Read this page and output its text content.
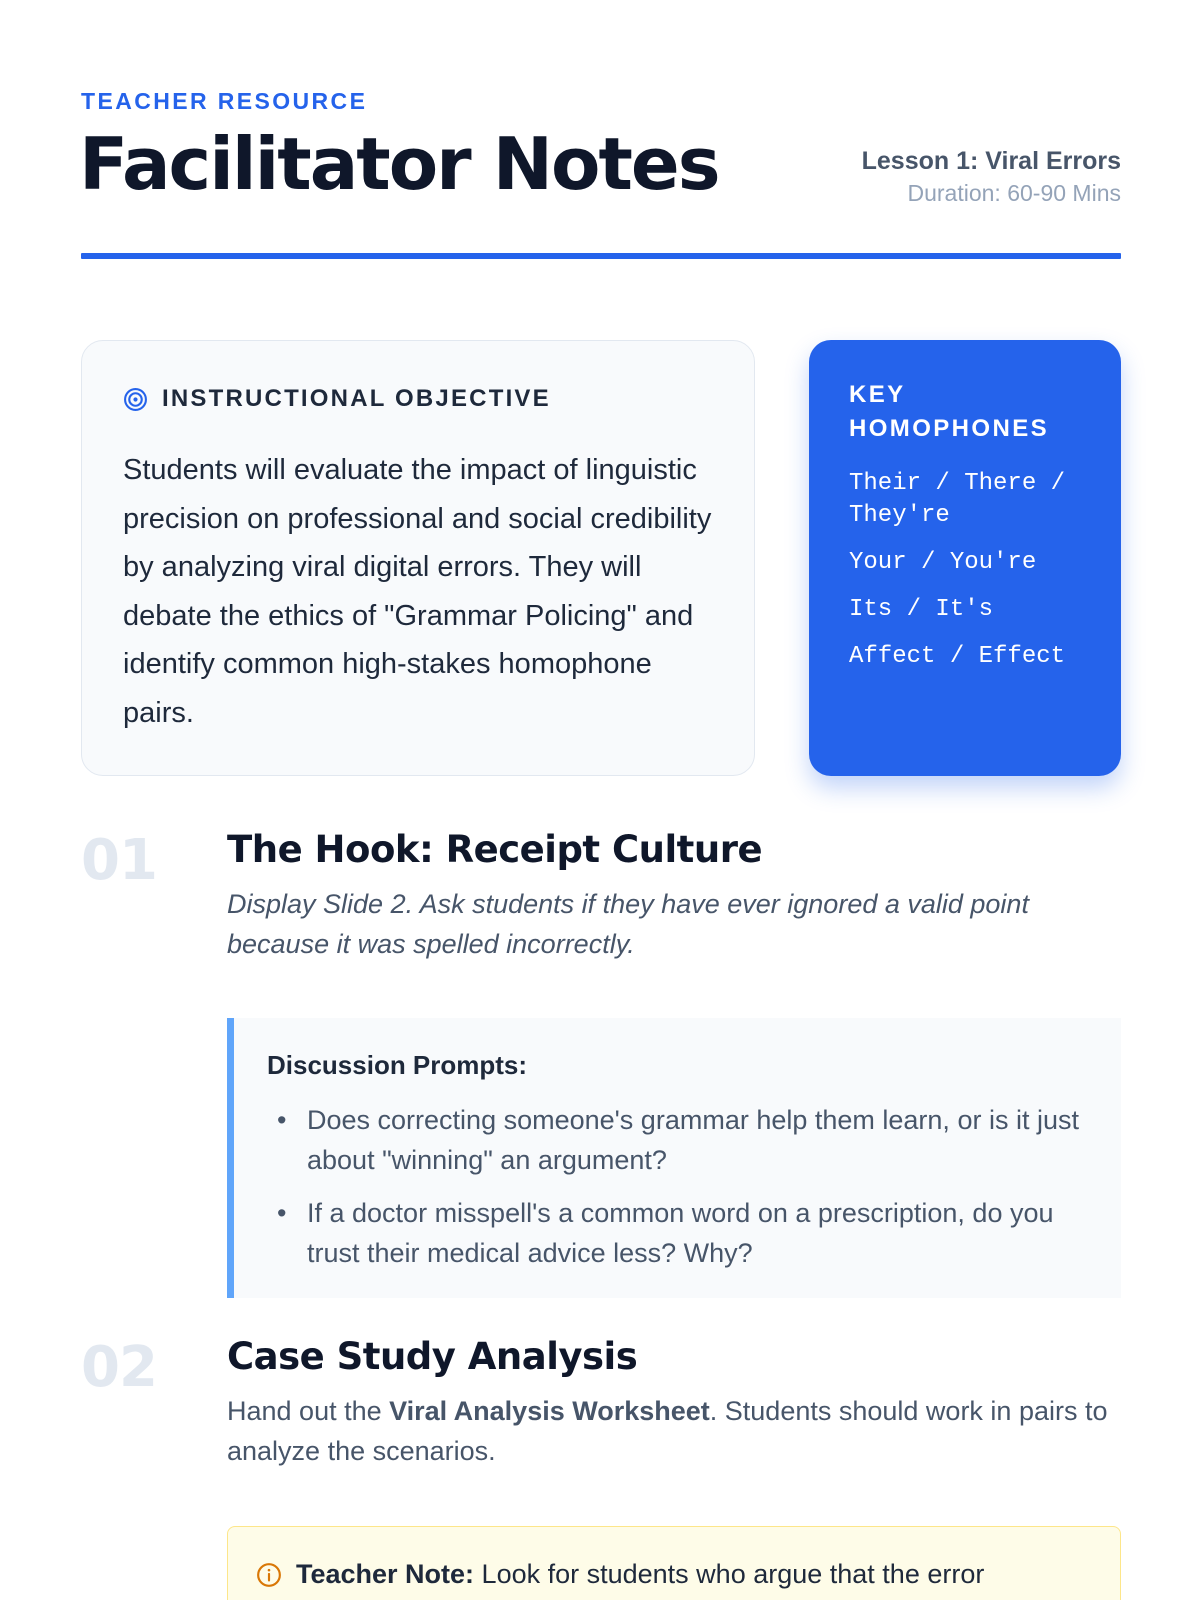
TEACHER RESOURCE
Facilitator Notes	Lesson 1: Viral Errors
Duration: 60-90 Mins
INSTRUCTIONAL OBJECTIVE

Students will evaluate the impact of linguistic precision on professional and social credibility by analyzing viral digital errors. They will debate the ethics of "Grammar Policing" and identify common high-stakes homophone pairs.

KEY HOMOPHONES
Their / There / They're
Your / You're
Its / It's
Affect / Effect
01 The Hook: Receipt Culture

Display Slide 2. Ask students if they have ever ignored a valid point because it was spelled incorrectly.

Discussion Prompts:
• Does correcting someone's grammar help them learn, or is it just about "winning" an argument?
• If a doctor misspell's a common word on a prescription, do you trust their medical advice less? Why?
02 Case Study Analysis

Hand out the Viral Analysis Worksheet. Students should work in pairs to analyze the scenarios.

Teacher Note: Look for students who argue that the error
